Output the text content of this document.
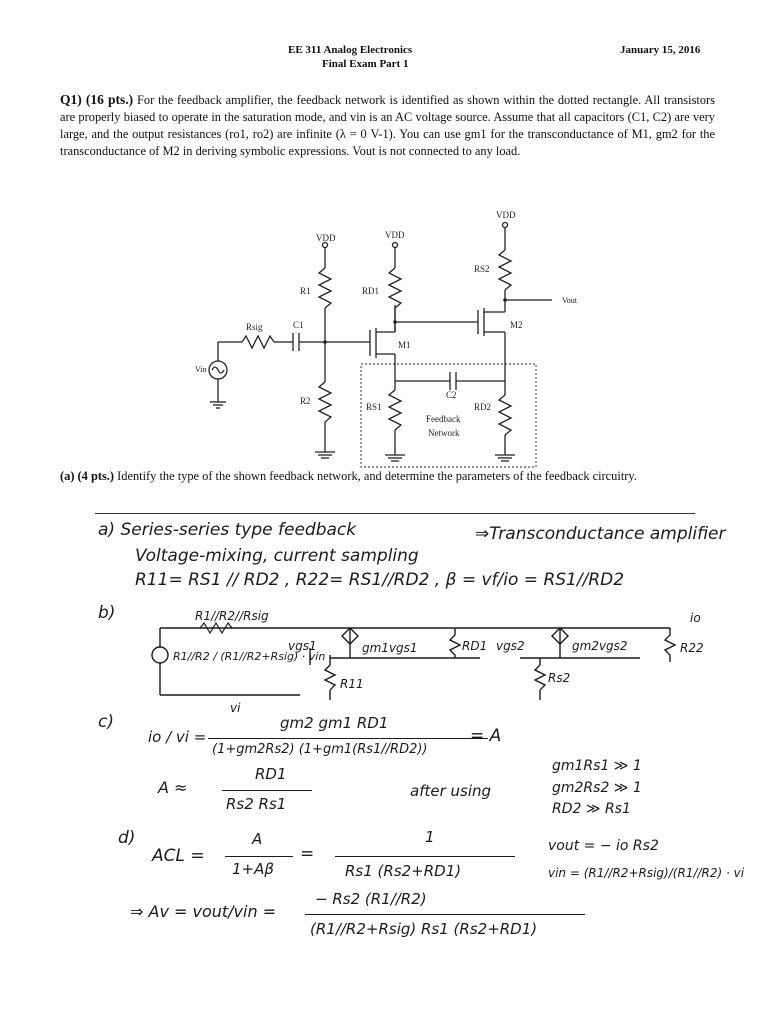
EE 311 Analog Electronics
Final Exam Part 1
January 15, 2016
Q1) (16 pts.) For the feedback amplifier, the feedback network is identified as shown within the dotted rectangle. All transistors are properly biased to operate in the saturation mode, and vin is an AC voltage source. Assume that all capacitors (C1, C2) are very large, and the output resistances (ro1, ro2) are infinite (λ = 0 V-1). You can use gm1 for the transconductance of M1, gm2 for the transconductance of M2 in deriving symbolic expressions. Vout is not connected to any load.
VDD	VDD
VDD
R1
R2
RD1
RS1
RS2
RD2
Rsig	C1
C2
M1
M2
Vin
Vout
Feedback
Network
(a) (4 pts.) Identify the type of the shown feedback network, and determine the parameters of the feedback circuitry.
a) Series-series type feedback	⇒Transconductance amplifier
Voltage-mixing, current sampling
R11= RS1 // RD2 , R22= RS1//RD2 , β = vf/io = RS1//RD2
b)	R1//R2//Rsig
R1//R2 / (R1//R2+Rsig) · vin
vi
vgs1	gm1vgs1	RD1 vgs2	gm2vgs2	R22
io
R11	Rs2
c)
io / vi =
gm2 gm1 RD1
(1+gm2Rs2) (1+gm1(Rs1//RD2))
= A
A ≈
RD1
Rs2 Rs1
after using
gm1Rs1 ≫ 1
gm2Rs2 ≫ 1
RD2 ≫ Rs1
d)
ACL =
A
1+Aβ
=
1
Rs1 (Rs2+RD1)
vout = − io Rs2
vin = (R1//R2+Rsig)/(R1//R2) · vi
⇒ Av = vout/vin =
− Rs2 (R1//R2)
(R1//R2+Rsig) Rs1 (Rs2+RD1)
